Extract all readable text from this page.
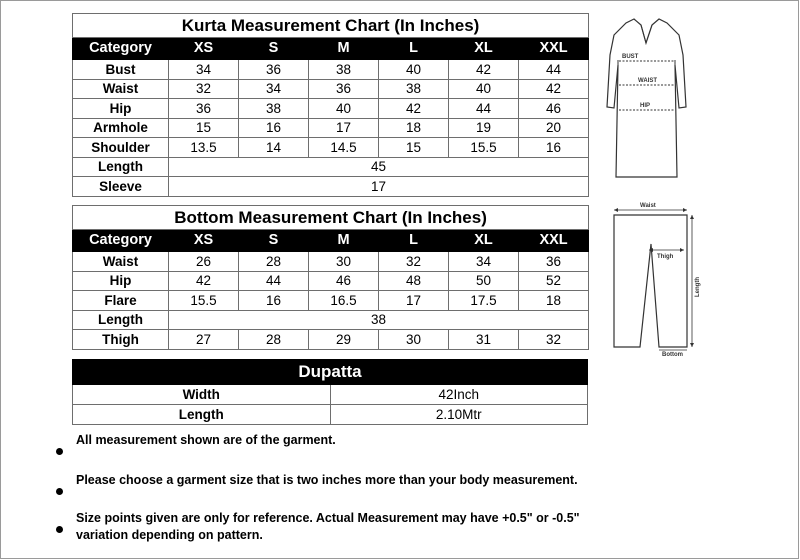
Kurta Measurement Chart (In Inches)						
Category	XS	S	M	L	XL	XXL
Bust	34	36	38	40	42	44
Waist	32	34	36	38	40	42
Hip	36	38	40	42	44	46
Armhole	15	16	17	18	19	20
Shoulder	13.5	14	14.5	15	15.5	16
Length	45					
Sleeve	17					
Bottom Measurement Chart (In Inches)						
Category	XS	S	M	L	XL	XXL
Waist	26	28	30	32	34	36
Hip	42	44	46	48	50	52
Flare	15.5	16	16.5	17	17.5	18
Length	38					
Thigh	27	28	29	30	31	32
Dupatta	
Width	42Inch
Length	2.10Mtr
All measurement shown are of the garment.
Please choose a garment size that is two inches more than your body measurement.
Size points given are only for reference. Actual Measurement may have +0.5" or -0.5" variation depending on pattern.
BUST
WAIST
HIP
Waist
Thigh
Length
Bottom
